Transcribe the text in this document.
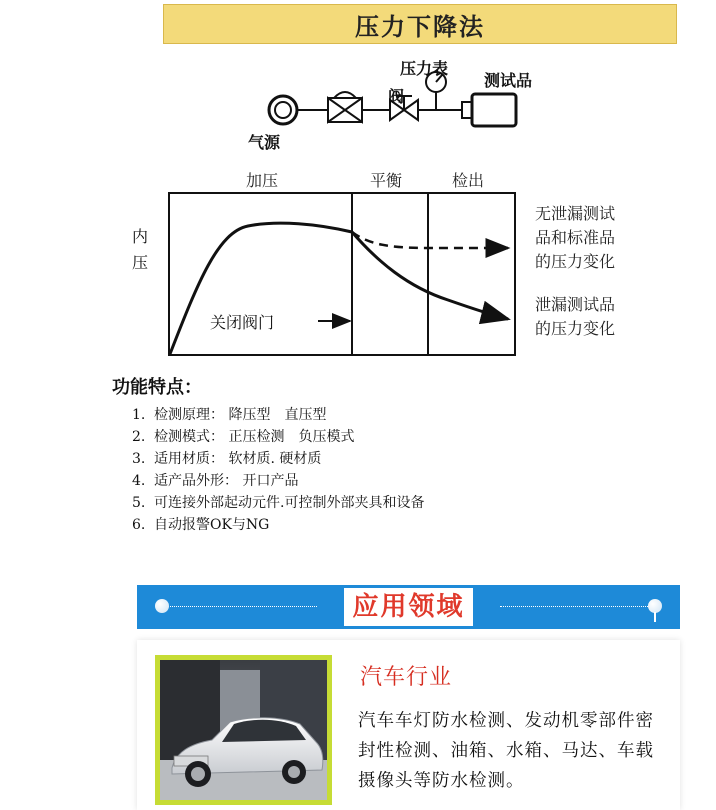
压力下降法
气源
阀
压力表
测试品
加压	平衡	检出
内压
关闭阀门
无泄漏测试
品和标准品
的压力变化
泄漏测试品
的压力变化
功能特点：
1. 检测原理： 降压型　直压型
2. 检测模式： 正压检测　负压模式
3. 适用材质： 软材质. 硬材质
4. 适产品外形： 开口产品
5. 可连接外部起动元件.可控制外部夹具和设备
6. 自动报警OK与NG
应用领域
汽车行业
汽车车灯防水检测、发动机零部件密封性检测、油箱、水箱、马达、车载摄像头等防水检测。
